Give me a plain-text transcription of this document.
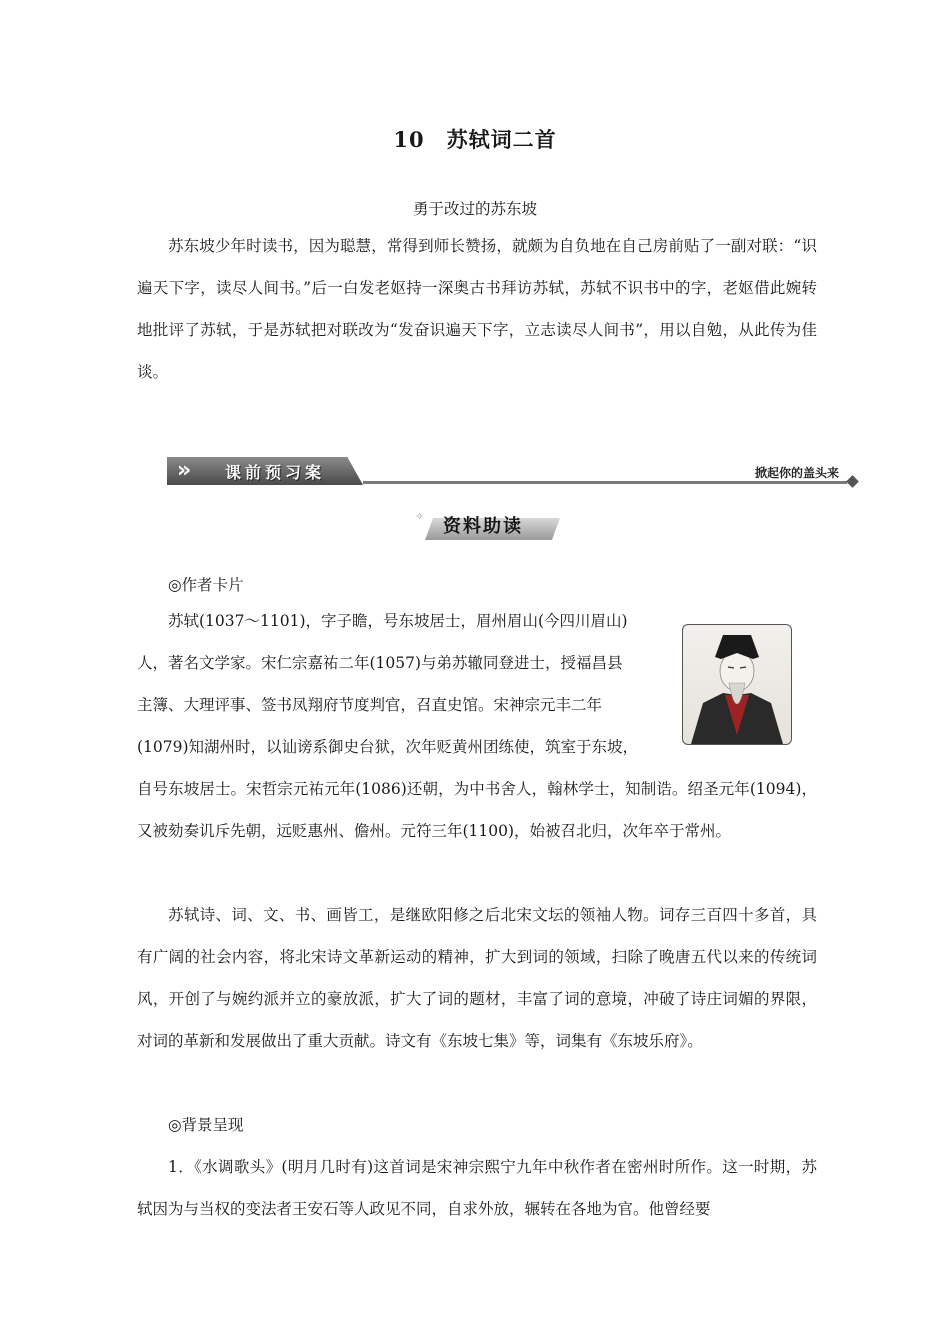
10 苏轼词二首
勇于改过的苏东坡

苏东坡少年时读书，因为聪慧，常得到师长赞扬，就颇为自负地在自己房前贴了一副对联：“识遍天下字，读尽人间书。”后一白发老妪持一深奥古书拜访苏轼，苏轼不识书中的字，老妪借此婉转地批评了苏轼，于是苏轼把对联改为“发奋识遍天下字，立志读尽人间书”，用以自勉，从此传为佳谈。

» 课前预习案	掀起你的盖头来
✧ 资料助读

◎作者卡片

苏轼(1037～1101)，字子瞻，号东坡居士，眉州眉山(今四川眉山)
人，著名文学家。宋仁宗嘉祐二年(1057)与弟苏辙同登进士，授福昌县
主簿、大理评事、签书凤翔府节度判官，召直史馆。宋神宗元丰二年
(1079)知湖州时，以讪谤系御史台狱，次年贬黄州团练使，筑室于东坡，

自号东坡居士。宋哲宗元祐元年(1086)还朝，为中书舍人，翰林学士，知制诰。绍圣元年(1094)，又被劾奏讥斥先朝，远贬惠州、儋州。元符三年(1100)，始被召北归，次年卒于常州。

苏轼诗、词、文、书、画皆工，是继欧阳修之后北宋文坛的领袖人物。词存三百四十多首，具有广阔的社会内容，将北宋诗文革新运动的精神，扩大到词的领域，扫除了晚唐五代以来的传统词风，开创了与婉约派并立的豪放派，扩大了词的题材，丰富了词的意境，冲破了诗庄词媚的界限，对词的革新和发展做出了重大贡献。诗文有《东坡七集》等，词集有《东坡乐府》。

◎背景呈现

1．《水调歌头》(明月几时有)这首词是宋神宗熙宁九年中秋作者在密州时所作。这一时期，苏轼因为与当权的变法者王安石等人政见不同，自求外放，辗转在各地为官。他曾经要
